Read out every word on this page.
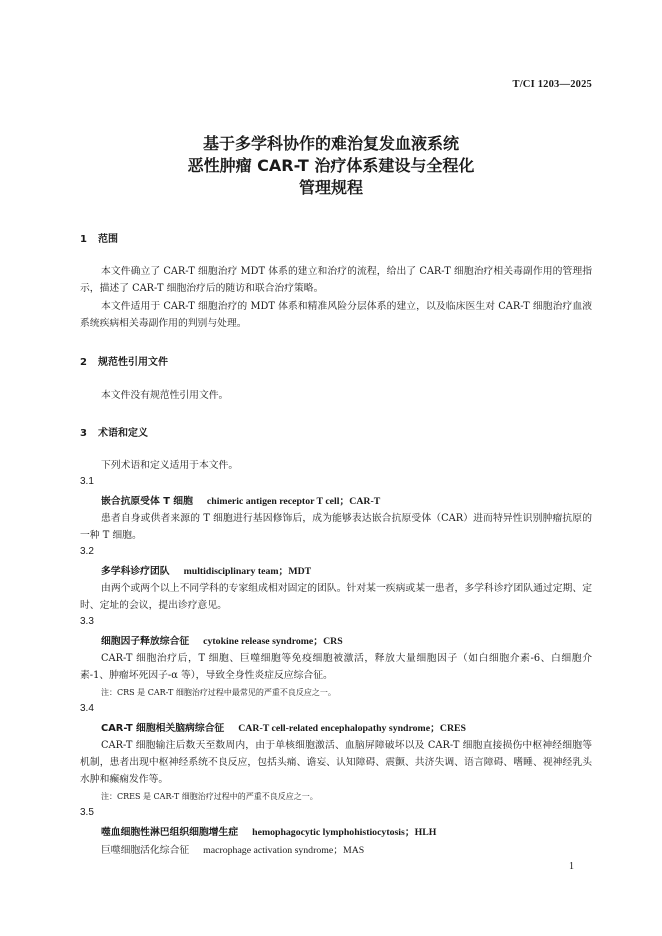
T/CI 1203—2025
基于多学科协作的难治复发血液系统
恶性肿瘤 CAR-T 治疗体系建设与全程化
管理规程
1 范围
本文件确立了 CAR-T 细胞治疗 MDT 体系的建立和治疗的流程，给出了 CAR-T 细胞治疗相关毒副作用的管理指示，描述了 CAR-T 细胞治疗后的随访和联合治疗策略。
本文件适用于 CAR-T 细胞治疗的 MDT 体系和精准风险分层体系的建立，以及临床医生对 CAR-T 细胞治疗血液系统疾病相关毒副作用的判别与处理。
2 规范性引用文件
本文件没有规范性引用文件。
3 术语和定义
下列术语和定义适用于本文件。
3.1
嵌合抗原受体 T 细胞 chimeric antigen receptor T cell；CAR-T
患者自身或供者来源的 T 细胞进行基因修饰后，成为能够表达嵌合抗原受体（CAR）进而特异性识别肿瘤抗原的一种 T 细胞。
3.2
多学科诊疗团队 multidisciplinary team；MDT
由两个或两个以上不同学科的专家组成相对固定的团队。针对某一疾病或某一患者，多学科诊疗团队通过定期、定时、定址的会议，提出诊疗意见。
3.3
细胞因子释放综合征 cytokine release syndrome；CRS
CAR-T 细胞治疗后，T 细胞、巨噬细胞等免疫细胞被激活，释放大量细胞因子（如白细胞介素-6、白细胞介素-1、肿瘤坏死因子-α 等），导致全身性炎症反应综合征。
注：CRS 是 CAR-T 细胞治疗过程中最常见的严重不良反应之一。
3.4
CAR-T 细胞相关脑病综合征 CAR-T cell-related encephalopathy syndrome；CRES
CAR-T 细胞输注后数天至数周内，由于单核细胞激活、血脑屏障破坏以及 CAR-T 细胞直接损伤中枢神经细胞等机制，患者出现中枢神经系统不良反应，包括头痛、谵妄、认知障碍、震颤、共济失调、语言障碍、嗜睡、视神经乳头水肿和癫痫发作等。
注：CRES 是 CAR-T 细胞治疗过程中的严重不良反应之一。
3.5
噬血细胞性淋巴组织细胞增生症 hemophagocytic lymphohistiocytosis；HLH
巨噬细胞活化综合征 macrophage activation syndrome；MAS
1
